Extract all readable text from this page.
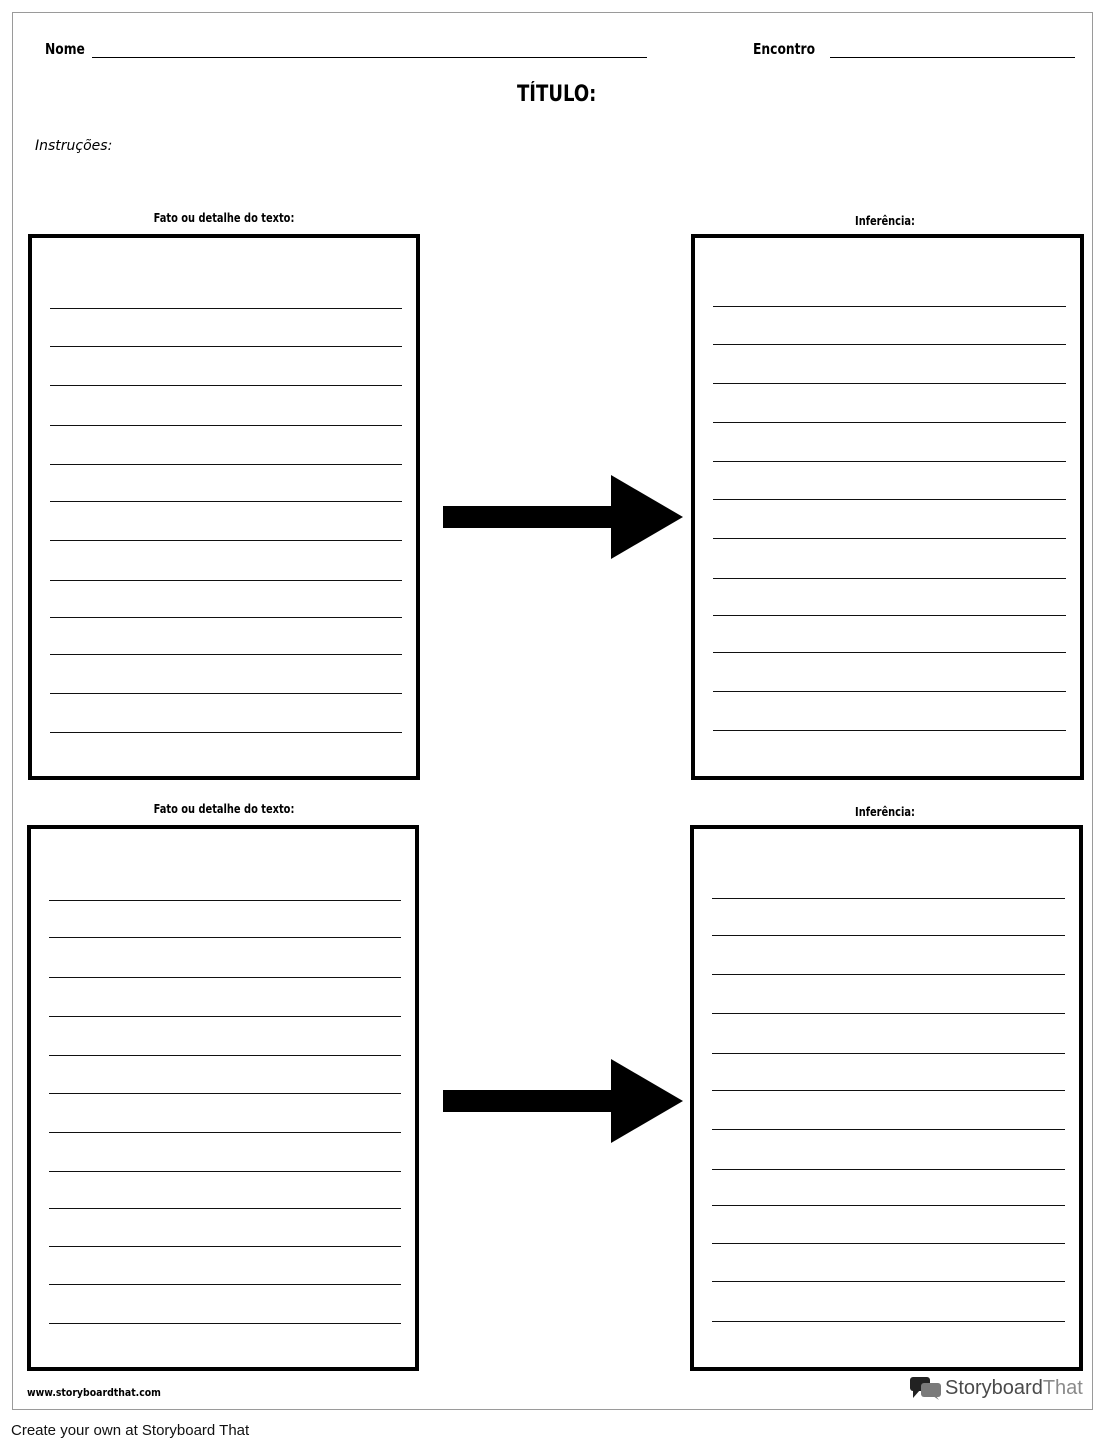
Nome	Encontro
TÍTULO:
Instruções:
Fato ou detalhe do texto:	Inferência:
Fato ou detalhe do texto:	Inferência:
www.storyboardthat.com	StoryboardThat
Create your own at Storyboard That
